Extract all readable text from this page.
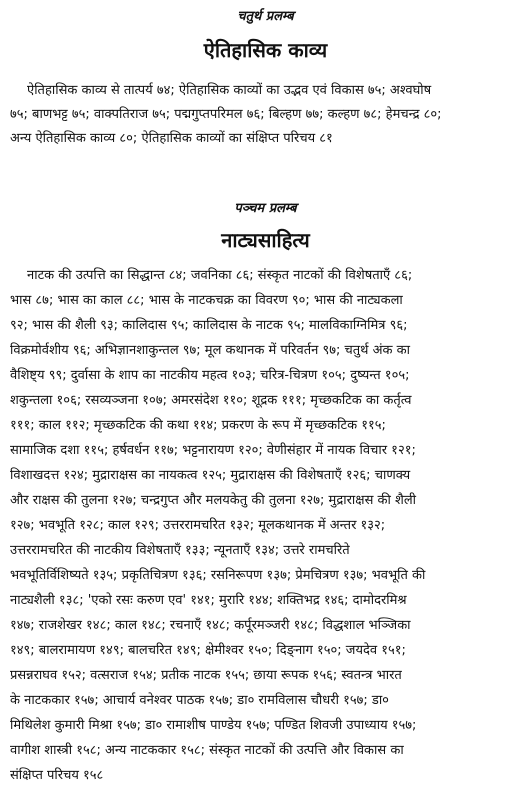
चतुर्थ प्रलम्ब
ऐतिहासिक काव्य
ऐतिहासिक काव्य से तात्पर्य ७४; ऐतिहासिक काव्यों का उद्भव एवं विकास ७५; अश्वघोष
७५; बाणभट्ट ७५; वाक्पतिराज ७५; पद्मगुप्तपरिमल ७६; बिल्हण ७७; कल्हण ७८; हेमचन्द्र ८०;
अन्य ऐतिहासिक काव्य ८०; ऐतिहासिक काव्यों का संक्षिप्त परिचय ८१
पञ्चम प्रलम्ब
नाट्यसाहित्य
नाटक की उत्पत्ति का सिद्धान्त ८४; जवनिका ८६; संस्कृत नाटकों की विशेषताएँ ८६;
भास ८७; भास का काल ८८; भास के नाटकचक्र का विवरण ९०; भास की नाट्यकला
९२; भास की शैली ९३; कालिदास ९५; कालिदास के नाटक ९५; मालविकाग्निमित्र ९६;
विक्रमोर्वशीय ९६; अभिज्ञानशाकुन्तल ९७; मूल कथानक में परिवर्तन ९७; चतुर्थ अंक का
वैशिष्ट्य ९९; दुर्वासा के शाप का नाटकीय महत्व १०३; चरित्र-चित्रण १०५; दुष्यन्त १०५;
शकुन्तला १०६; रसव्यञ्जना १०७; अमरसंदेश ११०; शूद्रक १११; मृच्छकटिक का कर्तृत्व
१११; काल ११२; मृच्छकटिक की कथा ११४; प्रकरण के रूप में मृच्छकटिक ११५;
सामाजिक दशा ११५; हर्षवर्धन ११७; भट्टनारायण १२०; वेणीसंहार में नायक विचार १२१;
विशाखदत्त १२४; मुद्राराक्षस का नायकत्व १२५; मुद्राराक्षस की विशेषताएँ १२६; चाणक्य
और राक्षस की तुलना १२७; चन्द्रगुप्त और मलयकेतु की तुलना १२७; मुद्राराक्षस की शैली
१२७; भवभूति १२८; काल १२९; उत्तररामचरित १३२; मूलकथानक में अन्तर १३२;
उत्तररामचरित की नाटकीय विशेषताएँ १३३; न्यूनताएँ १३४; उत्तरे रामचरिते
भवभूतिर्विशिष्यते १३५; प्रकृतिचित्रण १३६; रसनिरूपण १३७; प्रेमचित्रण १३७; भवभूति की
नाट्यशैली १३८; 'एको रसः करुण एव' १४१; मुरारि १४४; शक्तिभद्र १४६; दामोदरमिश्र
१४७; राजशेखर १४८; काल १४८; रचनाएँ १४८; कर्पूरमञ्जरी १४८; विद्धशाल भञ्जिका
१४९; बालरामायण १४९; बालचरित १४९; क्षेमीश्वर १५०; दिङ्नाग १५०; जयदेव १५१;
प्रसन्नराघव १५२; वत्सराज १५४; प्रतीक नाटक १५५; छाया रूपक १५६; स्वतन्त्र भारत
के नाटककार १५७; आचार्य वनेश्वर पाठक १५७; डा० रामविलास चौधरी १५७; डा०
मिथिलेश कुमारी मिश्रा १५७; डा० रामाशीष पाण्डेय १५७; पण्डित शिवजी उपाध्याय १५७;
वागीश शास्त्री १५८; अन्य नाटककार १५८; संस्कृत नाटकों की उत्पत्ति और विकास का
संक्षिप्त परिचय १५८
